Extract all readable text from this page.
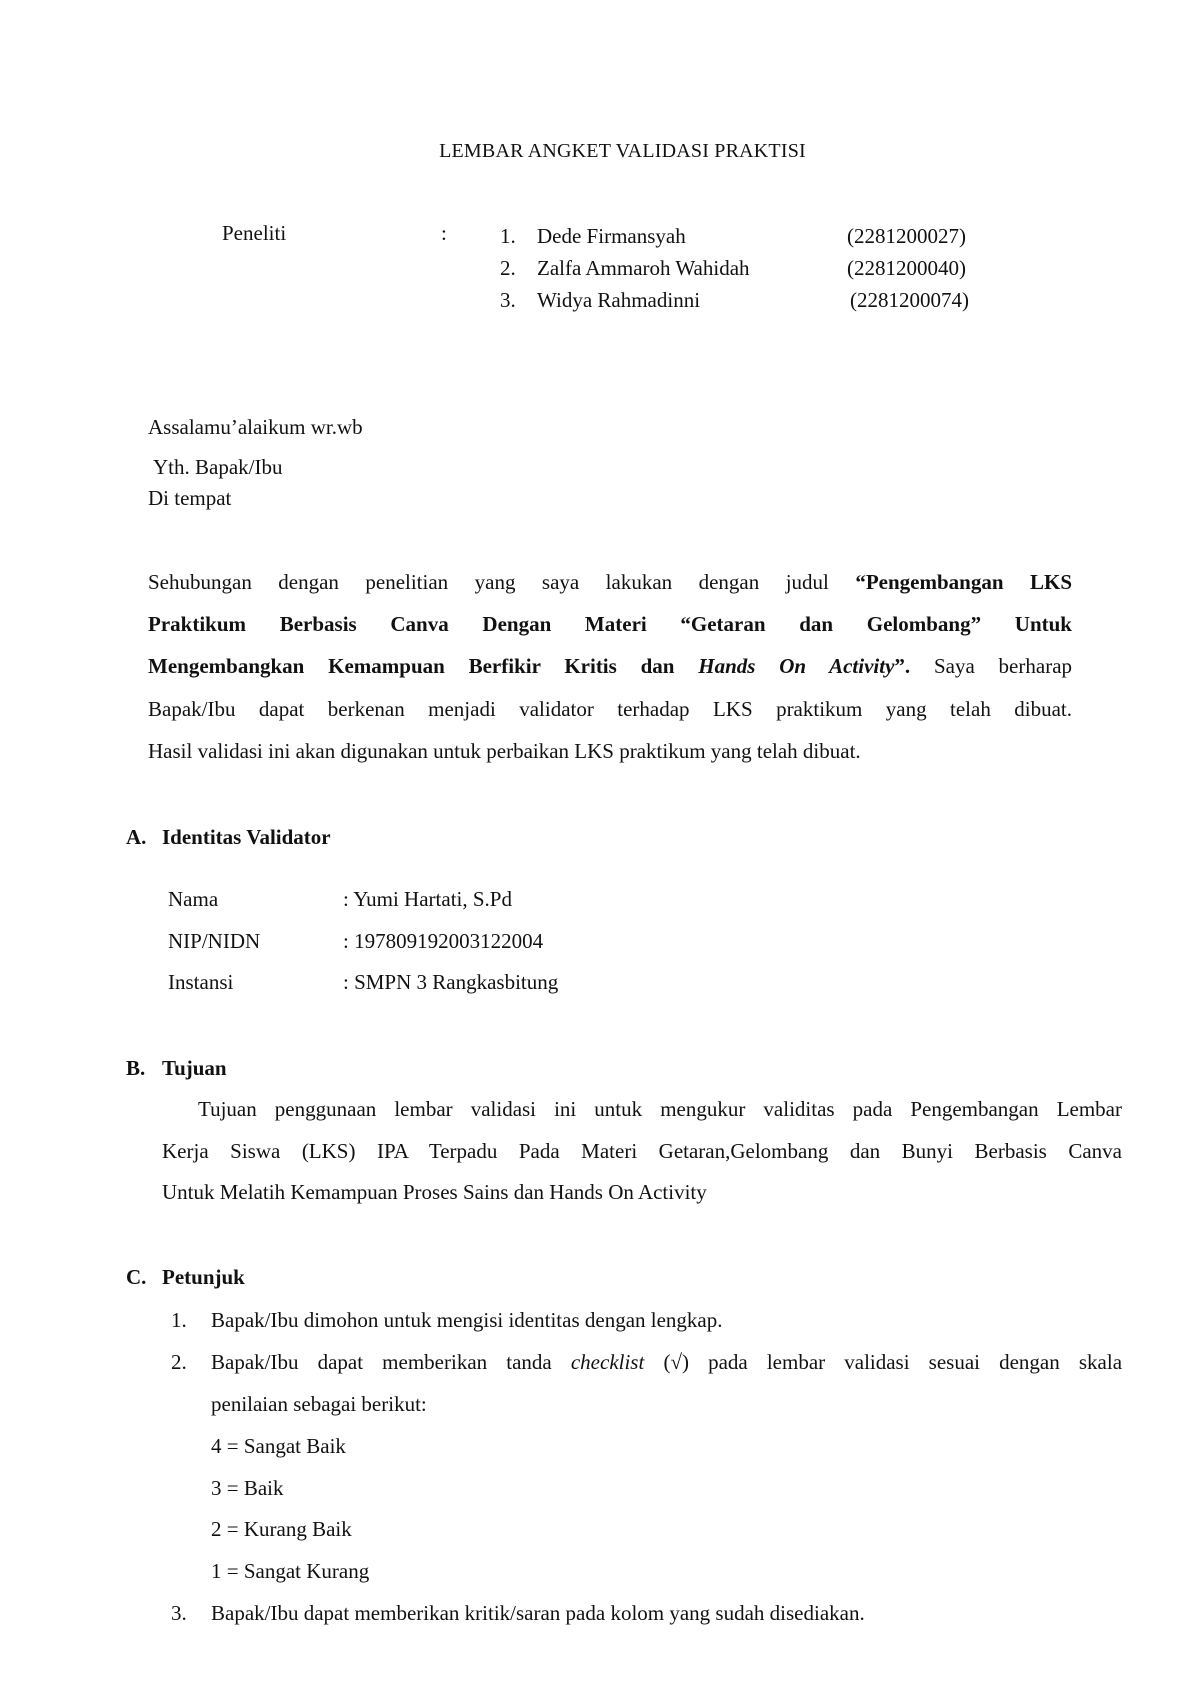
LEMBAR ANGKET VALIDASI PRAKTISI
Peneliti	:	1. Dede Firmansyah	(2281200027)
2. Zalfa Ammaroh Wahidah	(2281200040)
3. Widya Rahmadinni	(2281200074)
Assalamu’alaikum wr.wb
Yth. Bapak/Ibu
Di tempat
Sehubungan dengan penelitian yang saya lakukan dengan judul “Pengembangan LKS
Praktikum Berbasis Canva Dengan Materi “Getaran dan Gelombang” Untuk
Mengembangkan Kemampuan Berfikir Kritis dan Hands On Activity”. Saya berharap
Bapak/Ibu dapat berkenan menjadi validator terhadap LKS praktikum yang telah dibuat.
Hasil validasi ini akan digunakan untuk perbaikan LKS praktikum yang telah dibuat.
A. Identitas Validator
Nama	: Yumi Hartati, S.Pd
NIP/NIDN	: 197809192003122004
Instansi	: SMPN 3 Rangkasbitung
B. Tujuan
Tujuan penggunaan lembar validasi ini untuk mengukur validitas pada Pengembangan Lembar
Kerja Siswa (LKS) IPA Terpadu Pada Materi Getaran,Gelombang dan Bunyi Berbasis Canva
Untuk Melatih Kemampuan Proses Sains dan Hands On Activity
C. Petunjuk
1. Bapak/Ibu dimohon untuk mengisi identitas dengan lengkap.
2. Bapak/Ibu dapat memberikan tanda checklist (√) pada lembar validasi sesuai dengan skala
penilaian sebagai berikut:
4 = Sangat Baik
3 = Baik
2 = Kurang Baik
1 = Sangat Kurang
3. Bapak/Ibu dapat memberikan kritik/saran pada kolom yang sudah disediakan.
